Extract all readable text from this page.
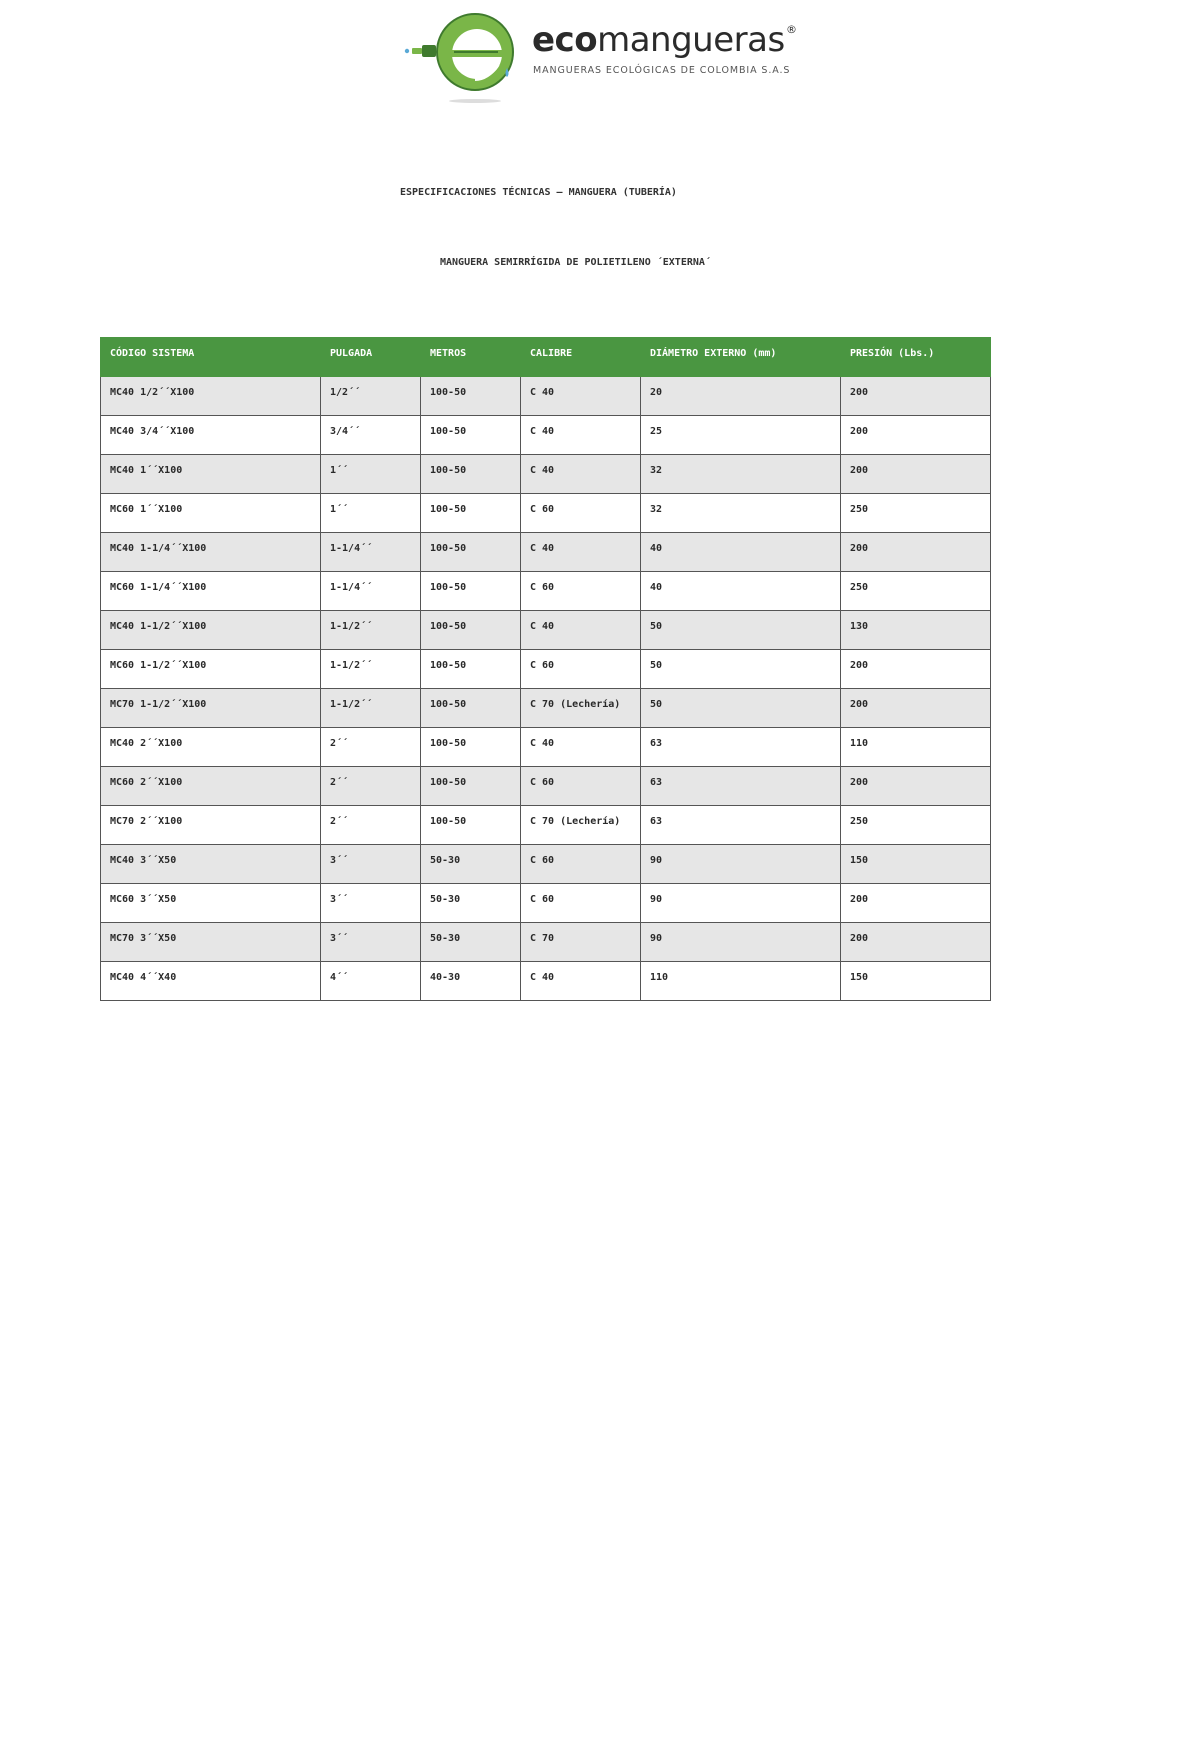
ecomangueras ®
MANGUERAS ECOLÓGICAS DE COLOMBIA S.A.S
ESPECIFICACIONES TÉCNICAS – MANGUERA (TUBERÍA)
MANGUERA SEMIRRÍGIDA DE POLIETILENO ´EXTERNA´
CÓDIGO SISTEMA	PULGADA	METROS	CALIBRE	DIÁMETRO EXTERNO (mm)	PRESIÓN (Lbs.)
MC40 1/2´´X100	1/2´´	100-50	C 40	20	200
MC40 3/4´´X100	3/4´´	100-50	C 40	25	200
MC40 1´´X100	1´´	100-50	C 40	32	200
MC60 1´´X100	1´´	100-50	C 60	32	250
MC40 1-1/4´´X100	1-1/4´´	100-50	C 40	40	200
MC60 1-1/4´´X100	1-1/4´´	100-50	C 60	40	250
MC40 1-1/2´´X100	1-1/2´´	100-50	C 40	50	130
MC60 1-1/2´´X100	1-1/2´´	100-50	C 60	50	200
MC70 1-1/2´´X100	1-1/2´´	100-50	C 70 (Lechería)	50	200
MC40 2´´X100	2´´	100-50	C 40	63	110
MC60 2´´X100	2´´	100-50	C 60	63	200
MC70 2´´X100	2´´	100-50	C 70 (Lechería)	63	250
MC40 3´´X50	3´´	50-30	C 60	90	150
MC60 3´´X50	3´´	50-30	C 60	90	200
MC70 3´´X50	3´´	50-30	C 70	90	200
MC40 4´´X40	4´´	40-30	C 40	110	150
